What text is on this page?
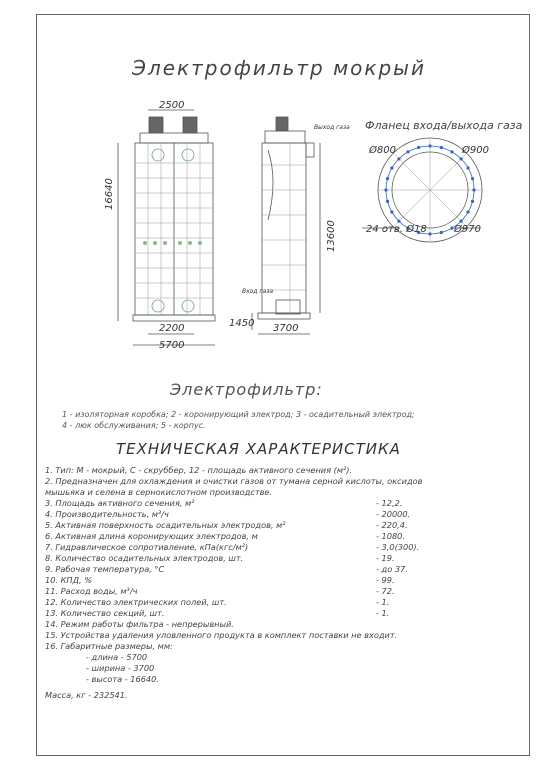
Электрофильтр мокрый
Фланец входа/выхода газа
2500
16640
2200
5700
Выход газа
Вход газа
13600
1450 3700
Ø800	Ø900
24 отв. Ø18	Ø970
Электрофильтр:
1 - изоляторная коробка; 2 - коронирующий электрод; 3 - осадительный электрод;
4 - люк обслуживания; 5 - корпус.
ТЕХНИЧЕСКАЯ ХАРАКТЕРИСТИКА
1. Тип: М - мокрый, С - скруббер, 12 - площадь активного сечения (м²).
2. Предназначен для охлаждения и очистки газов от тумана серной кислоты, оксидов
мышьяка и селена в сернокислотном производстве.
3. Площадь активного сечения, м²
4. Производительность, м³/ч
5. Активная поверхность осадительных электродов, м²
6. Активная длина коронирующих электродов, м
7. Гидравлическое сопротивление, кПа(кгс/м²)
8. Количество осадительных электродов, шт.
9. Рабочая температура, °С
10. КПД, %
11. Расход воды, м³/ч
12. Количество электрических полей, шт.
13. Количество секций, шт.
14. Режим работы фильтра - непрерывный.
15. Устройства удаления уловленного продукта в комплект поставки не входит.
16. Габаритные размеры, мм:
- 12,2.
- 20000.
- 220,4.
- 1080.
- 3,0(300).
- 19.
- до 37.
- 99.
- 72.
- 1.
- 1.
- длина - 5700
- ширина - 3700
- высота - 16640.
Масса, кг - 232541.
